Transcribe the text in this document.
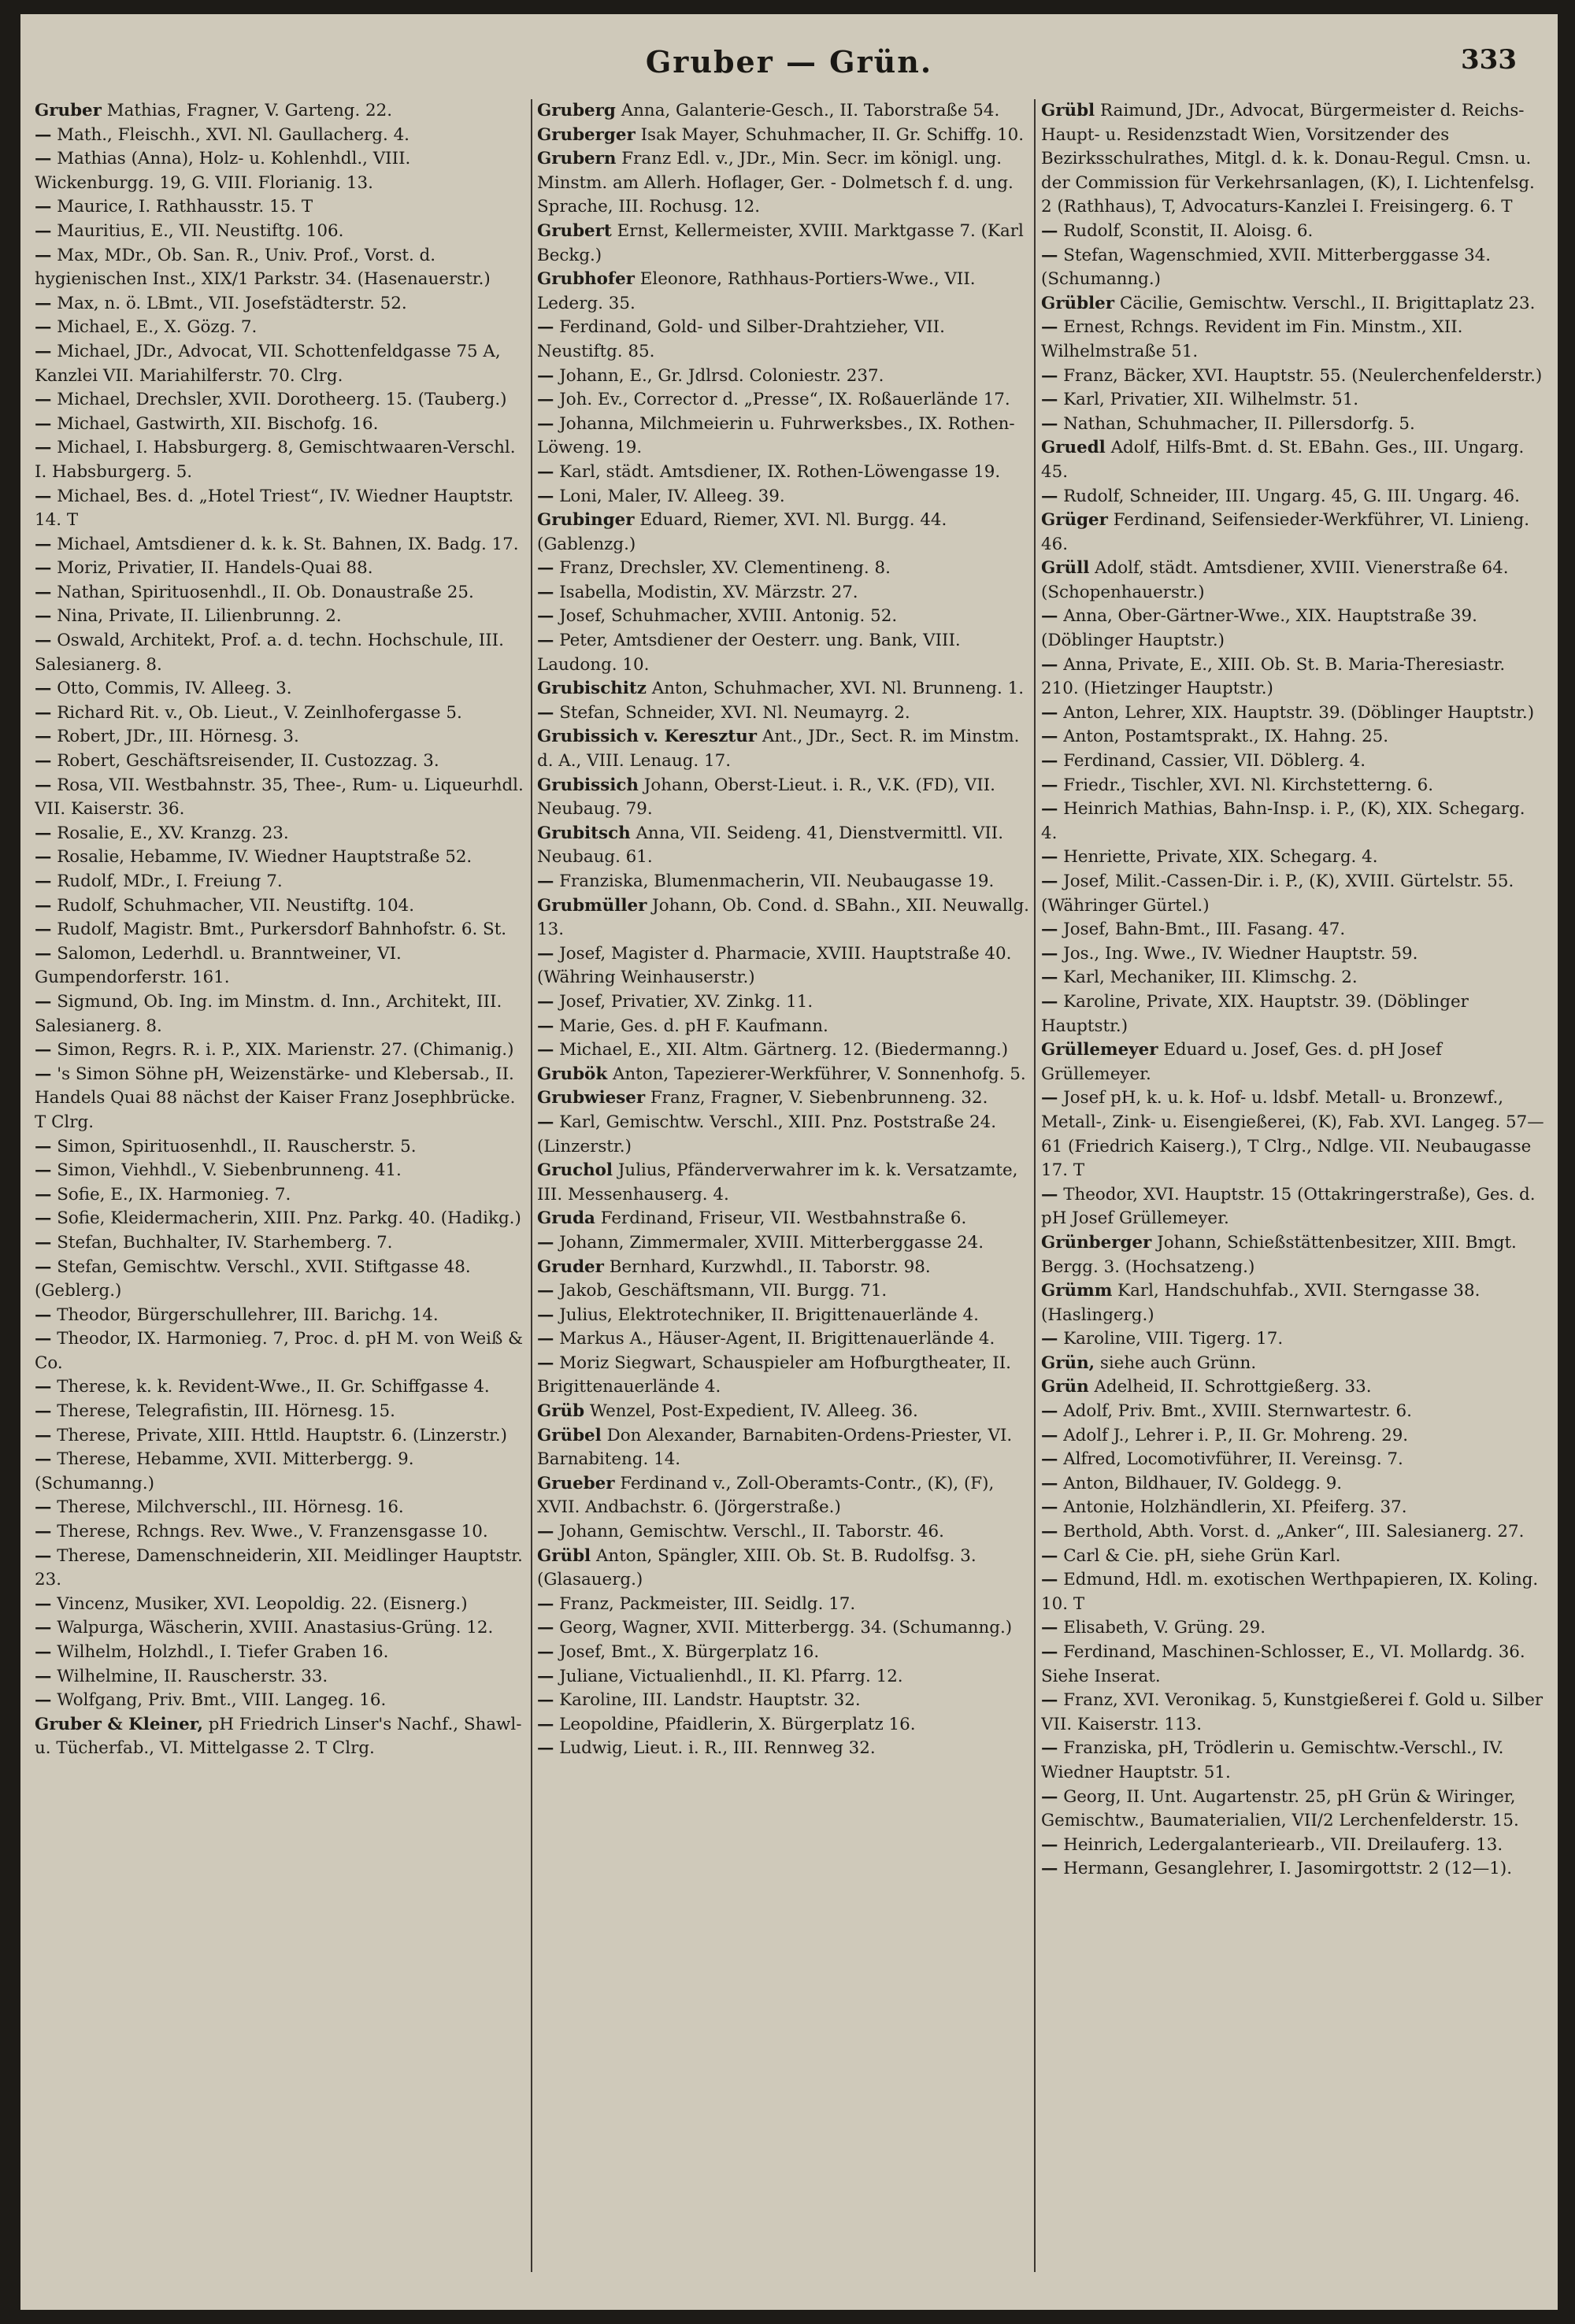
Gruber — Grün.	333
Gruber Mathias, Fragner, V. Garteng. 22.
— Math., Fleischh., XVI. Nl. Gaullacherg. 4.
— Mathias (Anna), Holz- u. Kohlenhdl., VIII. Wickenburgg. 19, G. VIII. Florianig. 13.
— Maurice, I. Rathhausstr. 15. T
— Mauritius, E., VII. Neustiftg. 106.
— Max, MDr., Ob. San. R., Univ. Prof., Vorst. d. hygienischen Inst., XIX/1 Parkstr. 34. (Hasenauerstr.)
— Max, n. ö. LBmt., VII. Josefstädterstr. 52.
— Michael, E., X. Gözg. 7.
— Michael, JDr., Advocat, VII. Schottenfeldgasse 75 A, Kanzlei VII. Mariahilferstr. 70. Clrg.
— Michael, Drechsler, XVII. Dorotheerg. 15. (Tauberg.)
— Michael, Gastwirth, XII. Bischofg. 16.
— Michael, I. Habsburgerg. 8, Gemischtwaaren-Verschl. I. Habsburgerg. 5.
— Michael, Bes. d. „Hotel Triest“, IV. Wiedner Hauptstr. 14. T
— Michael, Amtsdiener d. k. k. St. Bahnen, IX. Badg. 17.
— Moriz, Privatier, II. Handels-Quai 88.
— Nathan, Spirituosenhdl., II. Ob. Donaustraße 25.
— Nina, Private, II. Lilienbrunng. 2.
— Oswald, Architekt, Prof. a. d. techn. Hochschule, III. Salesianerg. 8.
— Otto, Commis, IV. Alleeg. 3.
— Richard Rit. v., Ob. Lieut., V. Zeinlhofergasse 5.
— Robert, JDr., III. Hörnesg. 3.
— Robert, Geschäftsreisender, II. Custozzag. 3.
— Rosa, VII. Westbahnstr. 35, Thee-, Rum- u. Liqueurhdl. VII. Kaiserstr. 36.
— Rosalie, E., XV. Kranzg. 23.
— Rosalie, Hebamme, IV. Wiedner Hauptstraße 52.
— Rudolf, MDr., I. Freiung 7.
— Rudolf, Schuhmacher, VII. Neustiftg. 104.
— Rudolf, Magistr. Bmt., Purkersdorf Bahnhofstr. 6. St.
— Salomon, Lederhdl. u. Branntweiner, VI. Gumpendorferstr. 161.
— Sigmund, Ob. Ing. im Minstm. d. Inn., Architekt, III. Salesianerg. 8.
— Simon, Regrs. R. i. P., XIX. Marienstr. 27. (Chimanig.)
— 's Simon Söhne pH, Weizenstärke- und Klebersab., II. Handels Quai 88 nächst der Kaiser Franz Josephbrücke. T Clrg.
— Simon, Spirituosenhdl., II. Rauscherstr. 5.
— Simon, Viehhdl., V. Siebenbrunneng. 41.
— Sofie, E., IX. Harmonieg. 7.
— Sofie, Kleidermacherin, XIII. Pnz. Parkg. 40. (Hadikg.)
— Stefan, Buchhalter, IV. Starhemberg. 7.
— Stefan, Gemischtw. Verschl., XVII. Stiftgasse 48. (Geblerg.)
— Theodor, Bürgerschullehrer, III. Barichg. 14.
— Theodor, IX. Harmonieg. 7, Proc. d. pH M. von Weiß & Co.
— Therese, k. k. Revident-Wwe., II. Gr. Schiffgasse 4.
— Therese, Telegrafistin, III. Hörnesg. 15.
— Therese, Private, XIII. Httld. Hauptstr. 6. (Linzerstr.)
— Therese, Hebamme, XVII. Mitterbergg. 9. (Schumanng.)
— Therese, Milchverschl., III. Hörnesg. 16.
— Therese, Rchngs. Rev. Wwe., V. Franzensgasse 10.
— Therese, Damenschneiderin, XII. Meidlinger Hauptstr. 23.
— Vincenz, Musiker, XVI. Leopoldig. 22. (Eisnerg.)
— Walpurga, Wäscherin, XVIII. Anastasius-Grüng. 12.
— Wilhelm, Holzhdl., I. Tiefer Graben 16.
— Wilhelmine, II. Rauscherstr. 33.
— Wolfgang, Priv. Bmt., VIII. Langeg. 16.
Gruber & Kleiner, pH Friedrich Linser's Nachf., Shawl- u. Tücherfab., VI. Mittelgasse 2. T Clrg.
Gruberg Anna, Galanterie-Gesch., II. Taborstraße 54.
Gruberger Isak Mayer, Schuhmacher, II. Gr. Schiffg. 10.
Grubern Franz Edl. v., JDr., Min. Secr. im königl. ung. Minstm. am Allerh. Hoflager, Ger. - Dolmetsch f. d. ung. Sprache, III. Rochusg. 12.
Grubert Ernst, Kellermeister, XVIII. Marktgasse 7. (Karl Beckg.)
Grubhofer Eleonore, Rathhaus-Portiers-Wwe., VII. Lederg. 35.
— Ferdinand, Gold- und Silber-Drahtzieher, VII. Neustiftg. 85.
— Johann, E., Gr. Jdlrsd. Coloniestr. 237.
— Joh. Ev., Corrector d. „Presse“, IX. Roßauerlände 17.
— Johanna, Milchmeierin u. Fuhrwerksbes., IX. Rothen-Löweng. 19.
— Karl, städt. Amtsdiener, IX. Rothen-Löwengasse 19.
— Loni, Maler, IV. Alleeg. 39.
Grubinger Eduard, Riemer, XVI. Nl. Burgg. 44. (Gablenzg.)
— Franz, Drechsler, XV. Clementineng. 8.
— Isabella, Modistin, XV. Märzstr. 27.
— Josef, Schuhmacher, XVIII. Antonig. 52.
— Peter, Amtsdiener der Oesterr. ung. Bank, VIII. Laudong. 10.
Grubischitz Anton, Schuhmacher, XVI. Nl. Brunneng. 1.
— Stefan, Schneider, XVI. Nl. Neumayrg. 2.
Grubissich v. Keresztur Ant., JDr., Sect. R. im Minstm. d. A., VIII. Lenaug. 17.
Grubissich Johann, Oberst-Lieut. i. R., V.K. (FD), VII. Neubaug. 79.
Grubitsch Anna, VII. Seideng. 41, Dienstvermittl. VII. Neubaug. 61.
— Franziska, Blumenmacherin, VII. Neubaugasse 19.
Grubmüller Johann, Ob. Cond. d. SBahn., XII. Neuwallg. 13.
— Josef, Magister d. Pharmacie, XVIII. Hauptstraße 40. (Währing Weinhauserstr.)
— Josef, Privatier, XV. Zinkg. 11.
— Marie, Ges. d. pH F. Kaufmann.
— Michael, E., XII. Altm. Gärtnerg. 12. (Biedermanng.)
Grubök Anton, Tapezierer-Werkführer, V. Sonnenhofg. 5.
Grubwieser Franz, Fragner, V. Siebenbrunneng. 32.
— Karl, Gemischtw. Verschl., XIII. Pnz. Poststraße 24. (Linzerstr.)
Gruchol Julius, Pfänderverwahrer im k. k. Versatzamte, III. Messenhauserg. 4.
Gruda Ferdinand, Friseur, VII. Westbahnstraße 6.
— Johann, Zimmermaler, XVIII. Mitterberggasse 24.
Gruder Bernhard, Kurzwhdl., II. Taborstr. 98.
— Jakob, Geschäftsmann, VII. Burgg. 71.
— Julius, Elektrotechniker, II. Brigittenauerlände 4.
— Markus A., Häuser-Agent, II. Brigittenauerlände 4.
— Moriz Siegwart, Schauspieler am Hofburgtheater, II. Brigittenauerlände 4.
Grüb Wenzel, Post-Expedient, IV. Alleeg. 36.
Grübel Don Alexander, Barnabiten-Ordens-Priester, VI. Barnabiteng. 14.
Grueber Ferdinand v., Zoll-Oberamts-Contr., (K), (F), XVII. Andbachstr. 6. (Jörgerstraße.)
— Johann, Gemischtw. Verschl., II. Taborstr. 46.
Grübl Anton, Spängler, XIII. Ob. St. B. Rudolfsg. 3. (Glasauerg.)
— Franz, Packmeister, III. Seidlg. 17.
— Georg, Wagner, XVII. Mitterbergg. 34. (Schumanng.)
— Josef, Bmt., X. Bürgerplatz 16.
— Juliane, Victualienhdl., II. Kl. Pfarrg. 12.
— Karoline, III. Landstr. Hauptstr. 32.
— Leopoldine, Pfaidlerin, X. Bürgerplatz 16.
— Ludwig, Lieut. i. R., III. Rennweg 32.
Grübl Raimund, JDr., Advocat, Bürgermeister d. Reichs-Haupt- u. Residenzstadt Wien, Vorsitzender des Bezirksschulrathes, Mitgl. d. k. k. Donau-Regul. Cmsn. u. der Commission für Verkehrsanlagen, (K), I. Lichtenfelsg. 2 (Rathhaus), T, Advocaturs-Kanzlei I. Freisingerg. 6. T
— Rudolf, Sconstit, II. Aloisg. 6.
— Stefan, Wagenschmied, XVII. Mitterberggasse 34. (Schumanng.)
Grübler Cäcilie, Gemischtw. Verschl., II. Brigittaplatz 23.
— Ernest, Rchngs. Revident im Fin. Minstm., XII. Wilhelmstraße 51.
— Franz, Bäcker, XVI. Hauptstr. 55. (Neulerchenfelderstr.)
— Karl, Privatier, XII. Wilhelmstr. 51.
— Nathan, Schuhmacher, II. Pillersdorfg. 5.
Gruedl Adolf, Hilfs-Bmt. d. St. EBahn. Ges., III. Ungarg. 45.
— Rudolf, Schneider, III. Ungarg. 45, G. III. Ungarg. 46.
Grüger Ferdinand, Seifensieder-Werkführer, VI. Linieng. 46.
Grüll Adolf, städt. Amtsdiener, XVIII. Vienerstraße 64. (Schopenhauerstr.)
— Anna, Ober-Gärtner-Wwe., XIX. Hauptstraße 39. (Döblinger Hauptstr.)
— Anna, Private, E., XIII. Ob. St. B. Maria-Theresiastr. 210. (Hietzinger Hauptstr.)
— Anton, Lehrer, XIX. Hauptstr. 39. (Döblinger Hauptstr.)
— Anton, Postamtsprakt., IX. Hahng. 25.
— Ferdinand, Cassier, VII. Döblerg. 4.
— Friedr., Tischler, XVI. Nl. Kirchstetterng. 6.
— Heinrich Mathias, Bahn-Insp. i. P., (K), XIX. Schegarg. 4.
— Henriette, Private, XIX. Schegarg. 4.
— Josef, Milit.-Cassen-Dir. i. P., (K), XVIII. Gürtelstr. 55. (Währinger Gürtel.)
— Josef, Bahn-Bmt., III. Fasang. 47.
— Jos., Ing. Wwe., IV. Wiedner Hauptstr. 59.
— Karl, Mechaniker, III. Klimschg. 2.
— Karoline, Private, XIX. Hauptstr. 39. (Döblinger Hauptstr.)
Grüllemeyer Eduard u. Josef, Ges. d. pH Josef Grüllemeyer.
— Josef pH, k. u. k. Hof- u. ldsbf. Metall- u. Bronzewf., Metall-, Zink- u. Eisengießerei, (K), Fab. XVI. Langeg. 57—61 (Friedrich Kaiserg.), T Clrg., Ndlge. VII. Neubaugasse 17. T
— Theodor, XVI. Hauptstr. 15 (Ottakringerstraße), Ges. d. pH Josef Grüllemeyer.
Grünberger Johann, Schießstättenbesitzer, XIII. Bmgt. Bergg. 3. (Hochsatzeng.)
Grümm Karl, Handschuhfab., XVII. Sterngasse 38. (Haslingerg.)
— Karoline, VIII. Tigerg. 17.
Grün, siehe auch Grünn.
Grün Adelheid, II. Schrottgießerg. 33.
— Adolf, Priv. Bmt., XVIII. Sternwartestr. 6.
— Adolf J., Lehrer i. P., II. Gr. Mohreng. 29.
— Alfred, Locomotivführer, II. Vereinsg. 7.
— Anton, Bildhauer, IV. Goldegg. 9.
— Antonie, Holzhändlerin, XI. Pfeiferg. 37.
— Berthold, Abth. Vorst. d. „Anker“, III. Salesianerg. 27.
— Carl & Cie. pH, siehe Grün Karl.
— Edmund, Hdl. m. exotischen Werthpapieren, IX. Koling. 10. T
— Elisabeth, V. Grüng. 29.
— Ferdinand, Maschinen-Schlosser, E., VI. Mollardg. 36. Siehe Inserat.
— Franz, XVI. Veronikag. 5, Kunstgießerei f. Gold u. Silber VII. Kaiserstr. 113.
— Franziska, pH, Trödlerin u. Gemischtw.-Verschl., IV. Wiedner Hauptstr. 51.
— Georg, II. Unt. Augartenstr. 25, pH Grün & Wiringer, Gemischtw., Baumaterialien, VII/2 Lerchenfelderstr. 15.
— Heinrich, Ledergalanteriearb., VII. Dreilauferg. 13.
— Hermann, Gesanglehrer, I. Jasomirgottstr. 2 (12—1).
